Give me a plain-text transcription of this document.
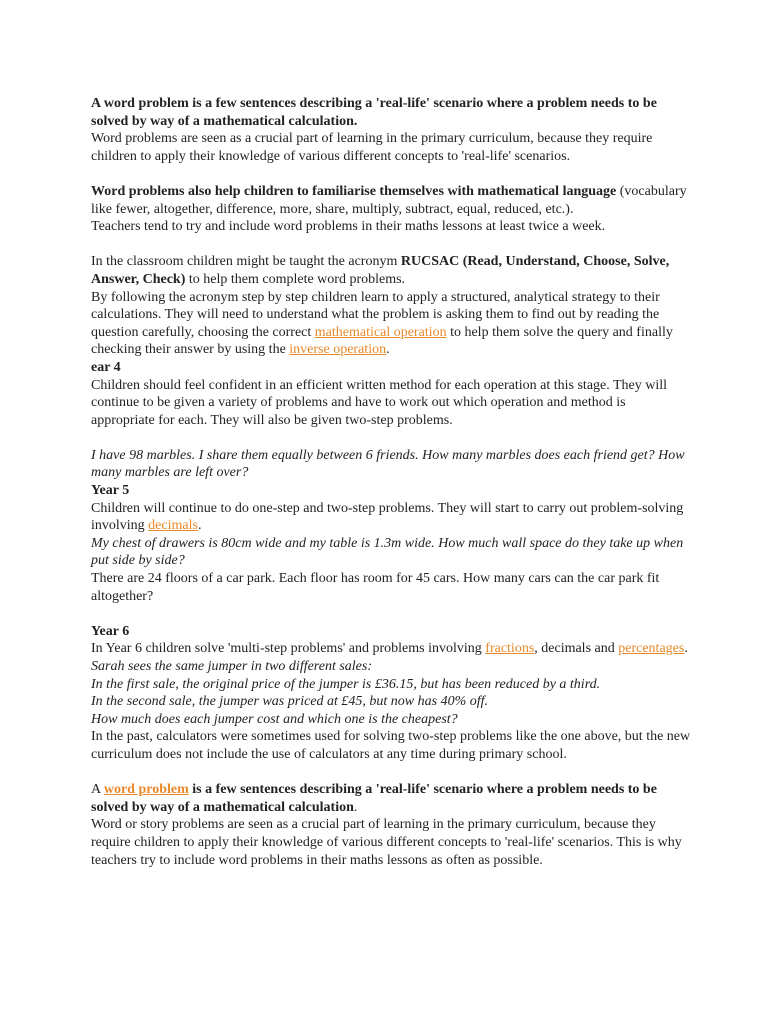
A word problem is a few sentences describing a 'real-life' scenario where a problem needs to be solved by way of a mathematical calculation.

Word problems are seen as a crucial part of learning in the primary curriculum, because they require children to apply their knowledge of various different concepts to 'real-life' scenarios.

Word problems also help children to familiarise themselves with mathematical language (vocabulary like fewer, altogether, difference, more, share, multiply, subtract, equal, reduced, etc.).

Teachers tend to try and include word problems in their maths lessons at least twice a week.

In the classroom children might be taught the acronym RUCSAC (Read, Understand, Choose, Solve, Answer, Check) to help them complete word problems.

By following the acronym step by step children learn to apply a structured, analytical strategy to their calculations. They will need to understand what the problem is asking them to find out by reading the question carefully, choosing the correct mathematical operation to help them solve the query and finally checking their answer by using the inverse operation.

ear 4

Children should feel confident in an efficient written method for each operation at this stage. They will continue to be given a variety of problems and have to work out which operation and method is appropriate for each. They will also be given two-step problems.

I have 98 marbles. I share them equally between 6 friends. How many marbles does each friend get? How many marbles are left over?

Year 5

Children will continue to do one-step and two-step problems. They will start to carry out problem-solving involving decimals.

My chest of drawers is 80cm wide and my table is 1.3m wide. How much wall space do they take up when put side by side?

There are 24 floors of a car park. Each floor has room for 45 cars. How many cars can the car park fit altogether?

Year 6

In Year 6 children solve 'multi-step problems' and problems involving fractions, decimals and percentages.

Sarah sees the same jumper in two different sales:

In the first sale, the original price of the jumper is £36.15, but has been reduced by a third.

In the second sale, the jumper was priced at £45, but now has 40% off.

How much does each jumper cost and which one is the cheapest?

In the past, calculators were sometimes used for solving two-step problems like the one above, but the new curriculum does not include the use of calculators at any time during primary school.

A word problem is a few sentences describing a 'real-life' scenario where a problem needs to be solved by way of a mathematical calculation.

Word or story problems are seen as a crucial part of learning in the primary curriculum, because they require children to apply their knowledge of various different concepts to 'real-life' scenarios. This is why teachers try to include word problems in their maths lessons as often as possible.
